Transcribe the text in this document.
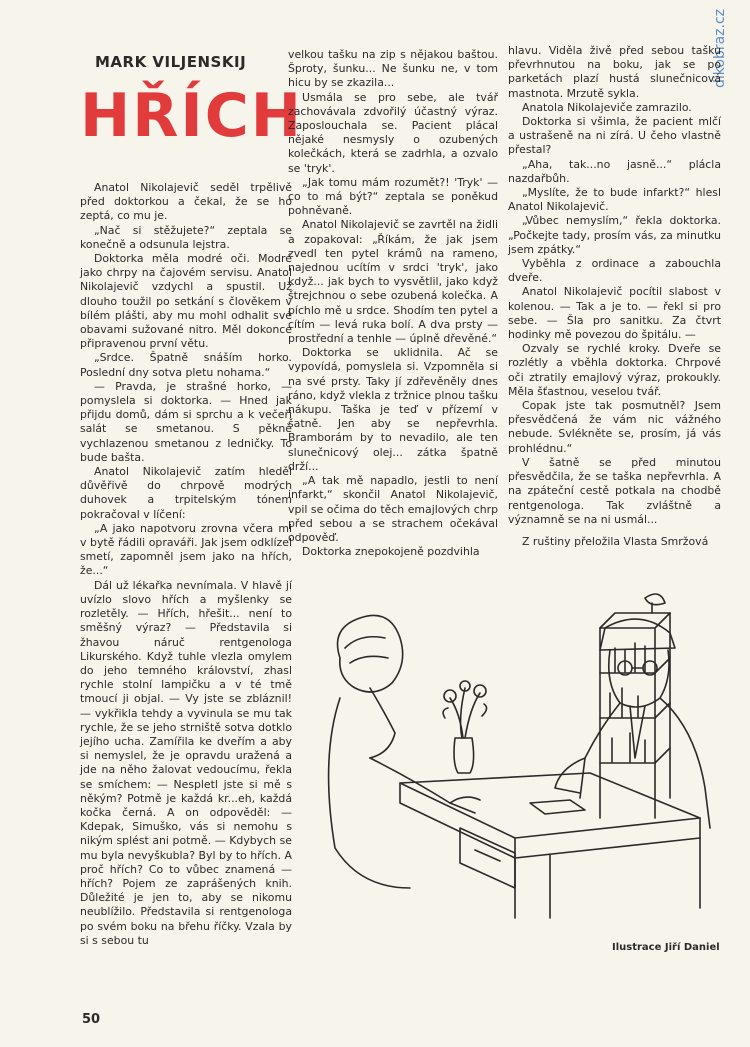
dikobraz.cz
MARK VILJENSKIJ
HŘÍCH

Anatol Nikolajevič seděl trpělivě před doktorkou a čekal, že se ho zeptá, co mu je.

„Nač si stěžujete?“ zeptala se konečně a odsunula lejstra.

Doktorka měla modré oči. Modré jako chrpy na čajovém servisu. Anatol Nikolajevič vzdychl a spustil. Už dlouho toužil po setkání s člověkem v bílém plášti, aby mu mohl odhalit své obavami sužované nitro. Měl dokonce připravenou první větu.

„Srdce. Špatně snáším horko. Poslední dny sotva pletu nohama.“

— Pravda, je strašné horko, — pomyslela si doktorka. — Hned jak přijdu domů, dám si sprchu a k večeři salát se smetanou. S pěkně vychlazenou smetanou z ledničky. To bude bašta.

Anatol Nikolajevič zatím hleděl důvěřivě do chrpově modrých duhovek a trpitelským tónem pokračoval v líčení:

„A jako napotvoru zrovna včera mi v bytě řádili opraváři. Jak jsem odklízel smetí, zapomněl jsem jako na hřích, že...“

Dál už lékařka nevnímala. V hlavě jí uvízlo slovo hřích a myšlenky se rozletěly. — Hřích, hřešit... není to směšný výraz? — Představila si žhavou náruč rentgenologa Likurského. Když tuhle vlezla omylem do jeho temného království, zhasl rychle stolní lampičku a v té tmě tmoucí ji objal. — Vy jste se zbláznil! — vykřikla tehdy a vyvinula se mu tak rychle, že se jeho strniště sotva dotklo jejího ucha. Zamířila ke dveřím a aby si nemyslel, že je opravdu uražená a jde na něho žalovat vedoucímu, řekla se smíchem: — Nespletl jste si mě s někým? Potmě je každá kr...eh, každá kočka černá. A on odpověděl: — Kdepak, Simuško, vás si nemohu s nikým splést ani potmě. — Kdybych se mu byla nevyškubla? Byl by to hřích. A proč hřích? Co to vůbec znamená — hřích? Pojem ze zaprášených knih. Důležité je jen to, aby se nikomu neublížilo. Představila si rentgenologa po svém boku na břehu říčky. Vzala by si s sebou tu

velkou tašku na zip s nějakou baštou. Šproty, šunku... Ne šunku ne, v tom hicu by se zkazila...

Usmála se pro sebe, ale tvář zachovávala zdvořilý účastný výraz. Zaposlouchala se. Pacient plácal nějaké nesmysly o ozubených kolečkách, která se zadrhla, a ozvalo se 'tryk'.

„Jak tomu mám rozumět?! 'Tryk' — co to má být?“ zeptala se poněkud pohněvaně.

Anatol Nikolajevič se zavrtěl na židli a zopakoval: „Říkám, že jak jsem zvedl ten pytel krámů na rameno, najednou ucítím v srdci 'tryk', jako když... jak bych to vysvětlil, jako když štrejchnou o sebe ozubená kolečka. A píchlo mě u srdce. Shodím ten pytel a cítím — levá ruka bolí. A dva prsty — prostřední a tenhle — úplně dřevěné.“

Doktorka se uklidnila. Ač se vypovídá, pomyslela si. Vzpomněla si na své prsty. Taky jí zdřevěněly dnes ráno, když vlekla z tržnice plnou tašku nákupu. Taška je teď v přízemí v šatně. Jen aby se nepřevrhla. Bramborám by to nevadilo, ale ten slunečnicový olej... zátka špatně drží...

„A tak mě napadlo, jestli to není infarkt,“ skončil Anatol Nikolajevič, vpil se očima do těch emajlových chrp před sebou a se strachem očekával odpověď.

Doktorka znepokojeně pozdvihla

hlavu. Viděla živě před sebou tašku převrhnutou na boku, jak se po parketách plazí hustá slunečnicová mastnota. Mrzutě sykla.

Anatola Nikolajeviče zamrazilo.

Doktorka si všimla, že pacient mlčí a ustrašeně na ni zírá. U čeho vlastně přestal?

„Aha, tak...no jasně...“ plácla nazdařbůh.

„Myslíte, že to bude infarkt?“ hlesl Anatol Nikolajevič.

„Vůbec nemyslím,“ řekla doktorka. „Počkejte tady, prosím vás, za minutku jsem zpátky.“

Vyběhla z ordinace a zabouchla dveře.

Anatol Nikolajevič pocítil slabost v kolenou. — Tak a je to. — řekl si pro sebe. — Šla pro sanitku. Za čtvrt hodinky mě povezou do špitálu. —

Ozvaly se rychlé kroky. Dveře se rozlétly a vběhla doktorka. Chrpové oči ztratily emajlový výraz, prokoukly. Měla šťastnou, veselou tvář.

Copak jste tak posmutněl? Jsem přesvědčená že vám nic vážného nebude. Svlékněte se, prosím, já vás prohlédnu.“

V šatně se před minutou přesvědčila, že se taška nepřevrhla. A na zpáteční cestě potkala na chodbě rentgenologa. Tak zvláštně a významně se na ni usmál...

Z ruštiny přeložila Vlasta Smržová

Ilustrace Jiří Daniel
50
